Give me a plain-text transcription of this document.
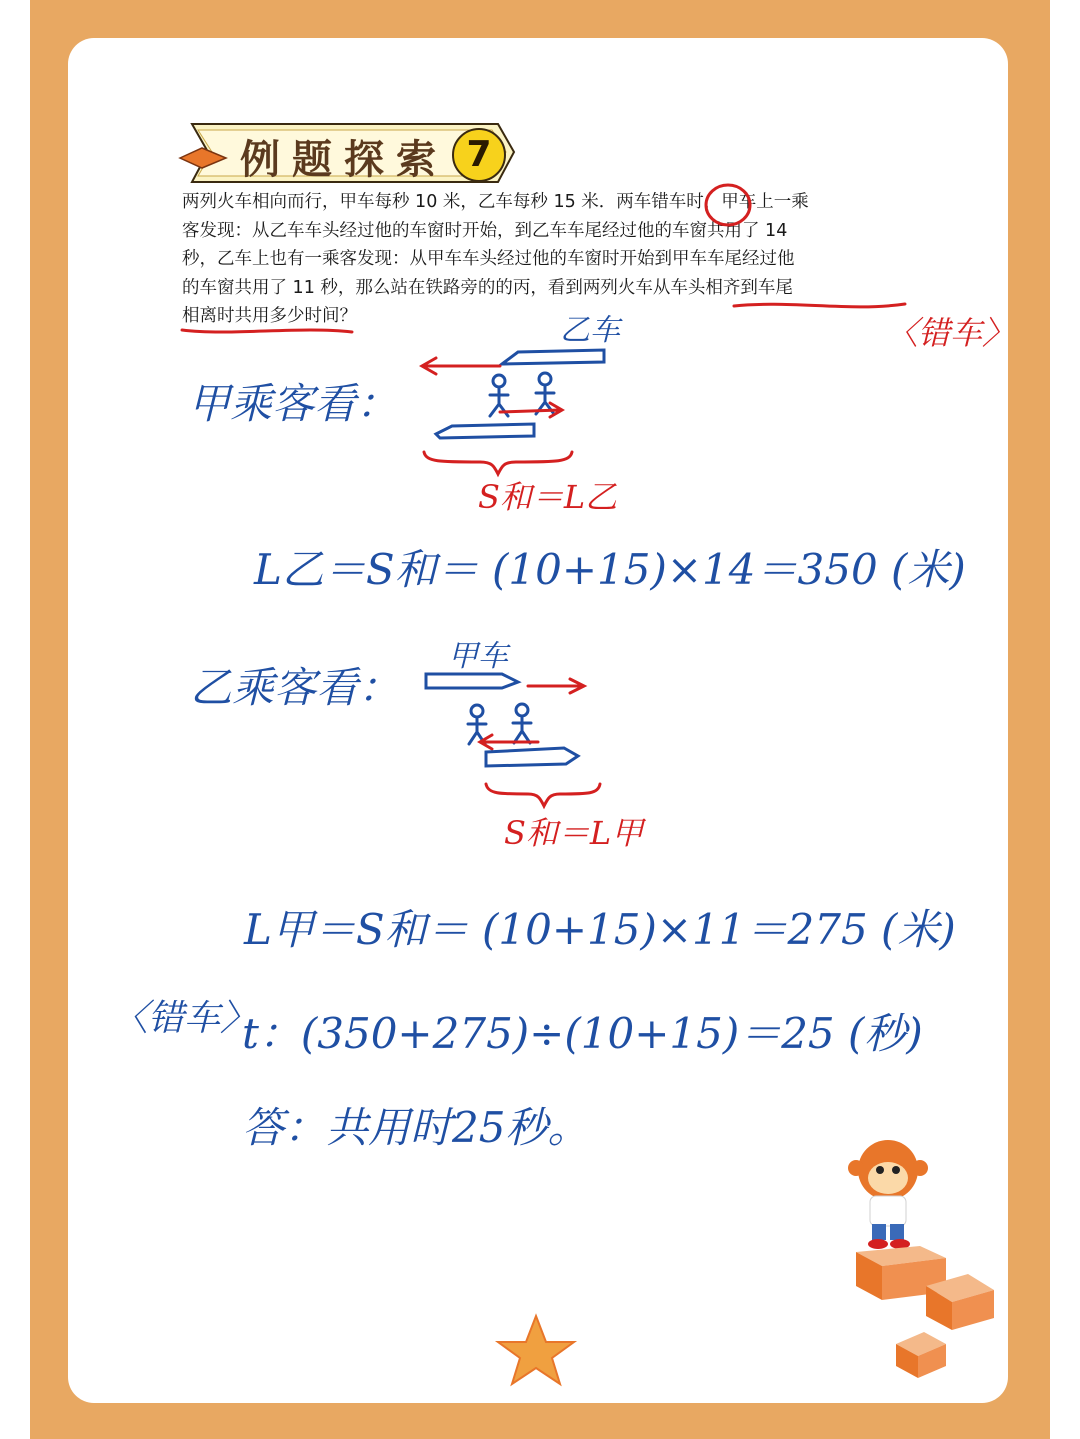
例题探索 7

两列火车相向而行，甲车每秒 10 米，乙车每秒 15 米．两车错车时，甲车上一乘

客发现：从乙车车头经过他的车窗时开始，到乙车车尾经过他的车窗共用了 14

秒，乙车上也有一乘客发现：从甲车车头经过他的车窗时开始到甲车车尾经过他

的车窗共用了 11 秒，那么站在铁路旁的的丙，看到两列火车从车头相齐到车尾

相离时共用多少时间？	〈错车〉
乙车
甲乘客看：
S和＝L乙
L乙＝S和＝ (10+15)×14＝350 (米)
甲车
乙乘客看：
S和＝L甲
L甲＝S和＝ (10+15)×11＝275 (米)
〈错车〉
t：(350+275)÷(10+15)＝25 (秒)
答：共用时25秒。
